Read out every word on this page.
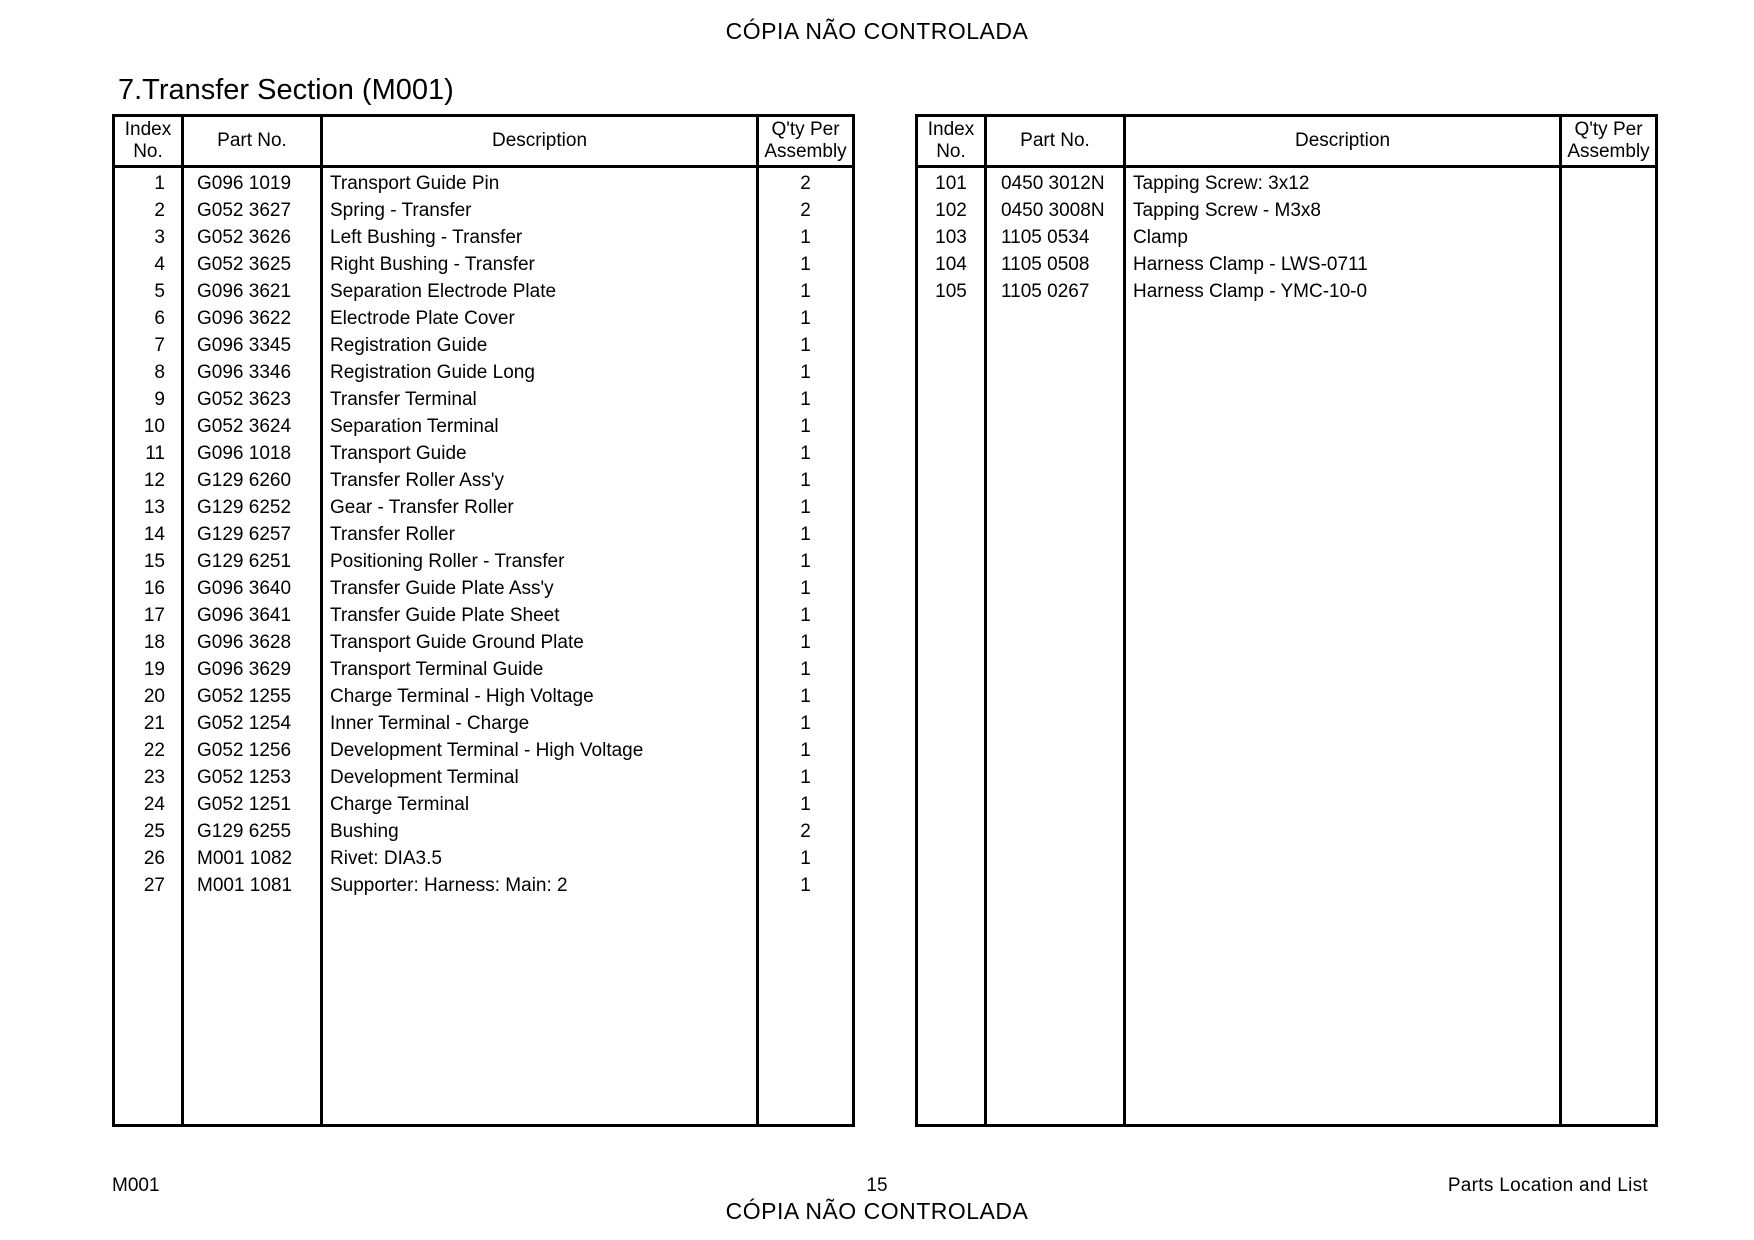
CÓPIA NÃO CONTROLADA
7.Transfer Section (M001)
Index
No.	Part No.	Description	Q'ty Per
Assembly
1	G096 1019	Transport Guide Pin	2
2	G052 3627	Spring - Transfer	2
3	G052 3626	Left Bushing - Transfer	1
4	G052 3625	Right Bushing - Transfer	1
5	G096 3621	Separation Electrode Plate	1
6	G096 3622	Electrode Plate Cover	1
7	G096 3345	Registration Guide	1
8	G096 3346	Registration Guide Long	1
9	G052 3623	Transfer Terminal	1
10	G052 3624	Separation Terminal	1
11	G096 1018	Transport Guide	1
12	G129 6260	Transfer Roller Ass'y	1
13	G129 6252	Gear - Transfer Roller	1
14	G129 6257	Transfer Roller	1
15	G129 6251	Positioning Roller - Transfer	1
16	G096 3640	Transfer Guide Plate Ass'y	1
17	G096 3641	Transfer Guide Plate Sheet	1
18	G096 3628	Transport Guide Ground Plate	1
19	G096 3629	Transport Terminal Guide	1
20	G052 1255	Charge Terminal - High Voltage	1
21	G052 1254	Inner Terminal - Charge	1
22	G052 1256	Development Terminal - High Voltage	1
23	G052 1253	Development Terminal	1
24	G052 1251	Charge Terminal	1
25	G129 6255	Bushing	2
26	M001 1082	Rivet: DIA3.5	1
27	M001 1081	Supporter: Harness: Main: 2	1

Index
No.	Part No.	Description	Q'ty Per
Assembly
101	0450 3012N	Tapping Screw: 3x12	
102	0450 3008N	Tapping Screw - M3x8	
103	1105 0534	Clamp	
104	1105 0508	Harness Clamp - LWS-0711	
105	1105 0267	Harness Clamp - YMC-10-0	

M001	15	Parts Location and List
CÓPIA NÃO CONTROLADA
